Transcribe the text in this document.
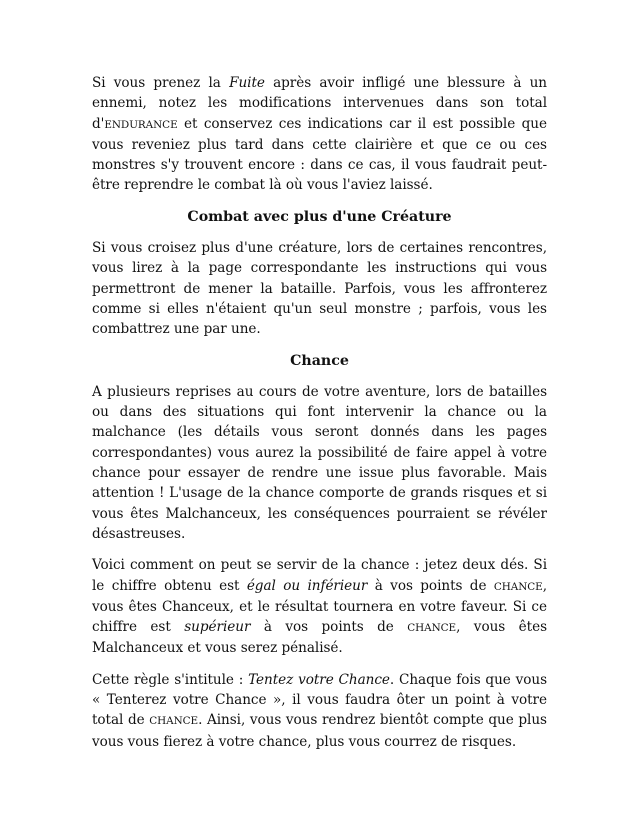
Si vous prenez la Fuite après avoir infligé une blessure à un ennemi, notez les modifications intervenues dans son total d'ENDURANCE et conservez ces indications car il est possible que vous reveniez plus tard dans cette clairière et que ce ou ces monstres s'y trouvent encore : dans ce cas, il vous faudrait peut-être reprendre le combat là où vous l'aviez laissé.

Combat avec plus d'une Créature

Si vous croisez plus d'une créature, lors de certaines rencontres, vous lirez à la page correspondante les instructions qui vous permettront de mener la bataille. Parfois, vous les affronterez comme si elles n'étaient qu'un seul monstre ; parfois, vous les combattrez une par une.

Chance

A plusieurs reprises au cours de votre aventure, lors de batailles ou dans des situations qui font intervenir la chance ou la malchance (les détails vous seront donnés dans les pages correspondantes) vous aurez la possibilité de faire appel à votre chance pour essayer de rendre une issue plus favorable. Mais attention ! L'usage de la chance comporte de grands risques et si vous êtes Malchanceux, les conséquences pourraient se révéler désastreuses.

Voici comment on peut se servir de la chance : jetez deux dés. Si le chiffre obtenu est égal ou inférieur à vos points de CHANCE, vous êtes Chanceux, et le résultat tournera en votre faveur. Si ce chiffre est supérieur à vos points de CHANCE, vous êtes Malchanceux et vous serez pénalisé.

Cette règle s'intitule : Tentez votre Chance. Chaque fois que vous « Tenterez votre Chance », il vous faudra ôter un point à votre total de CHANCE. Ainsi, vous vous rendrez bientôt compte que plus vous vous fierez à votre chance, plus vous courrez de risques.
